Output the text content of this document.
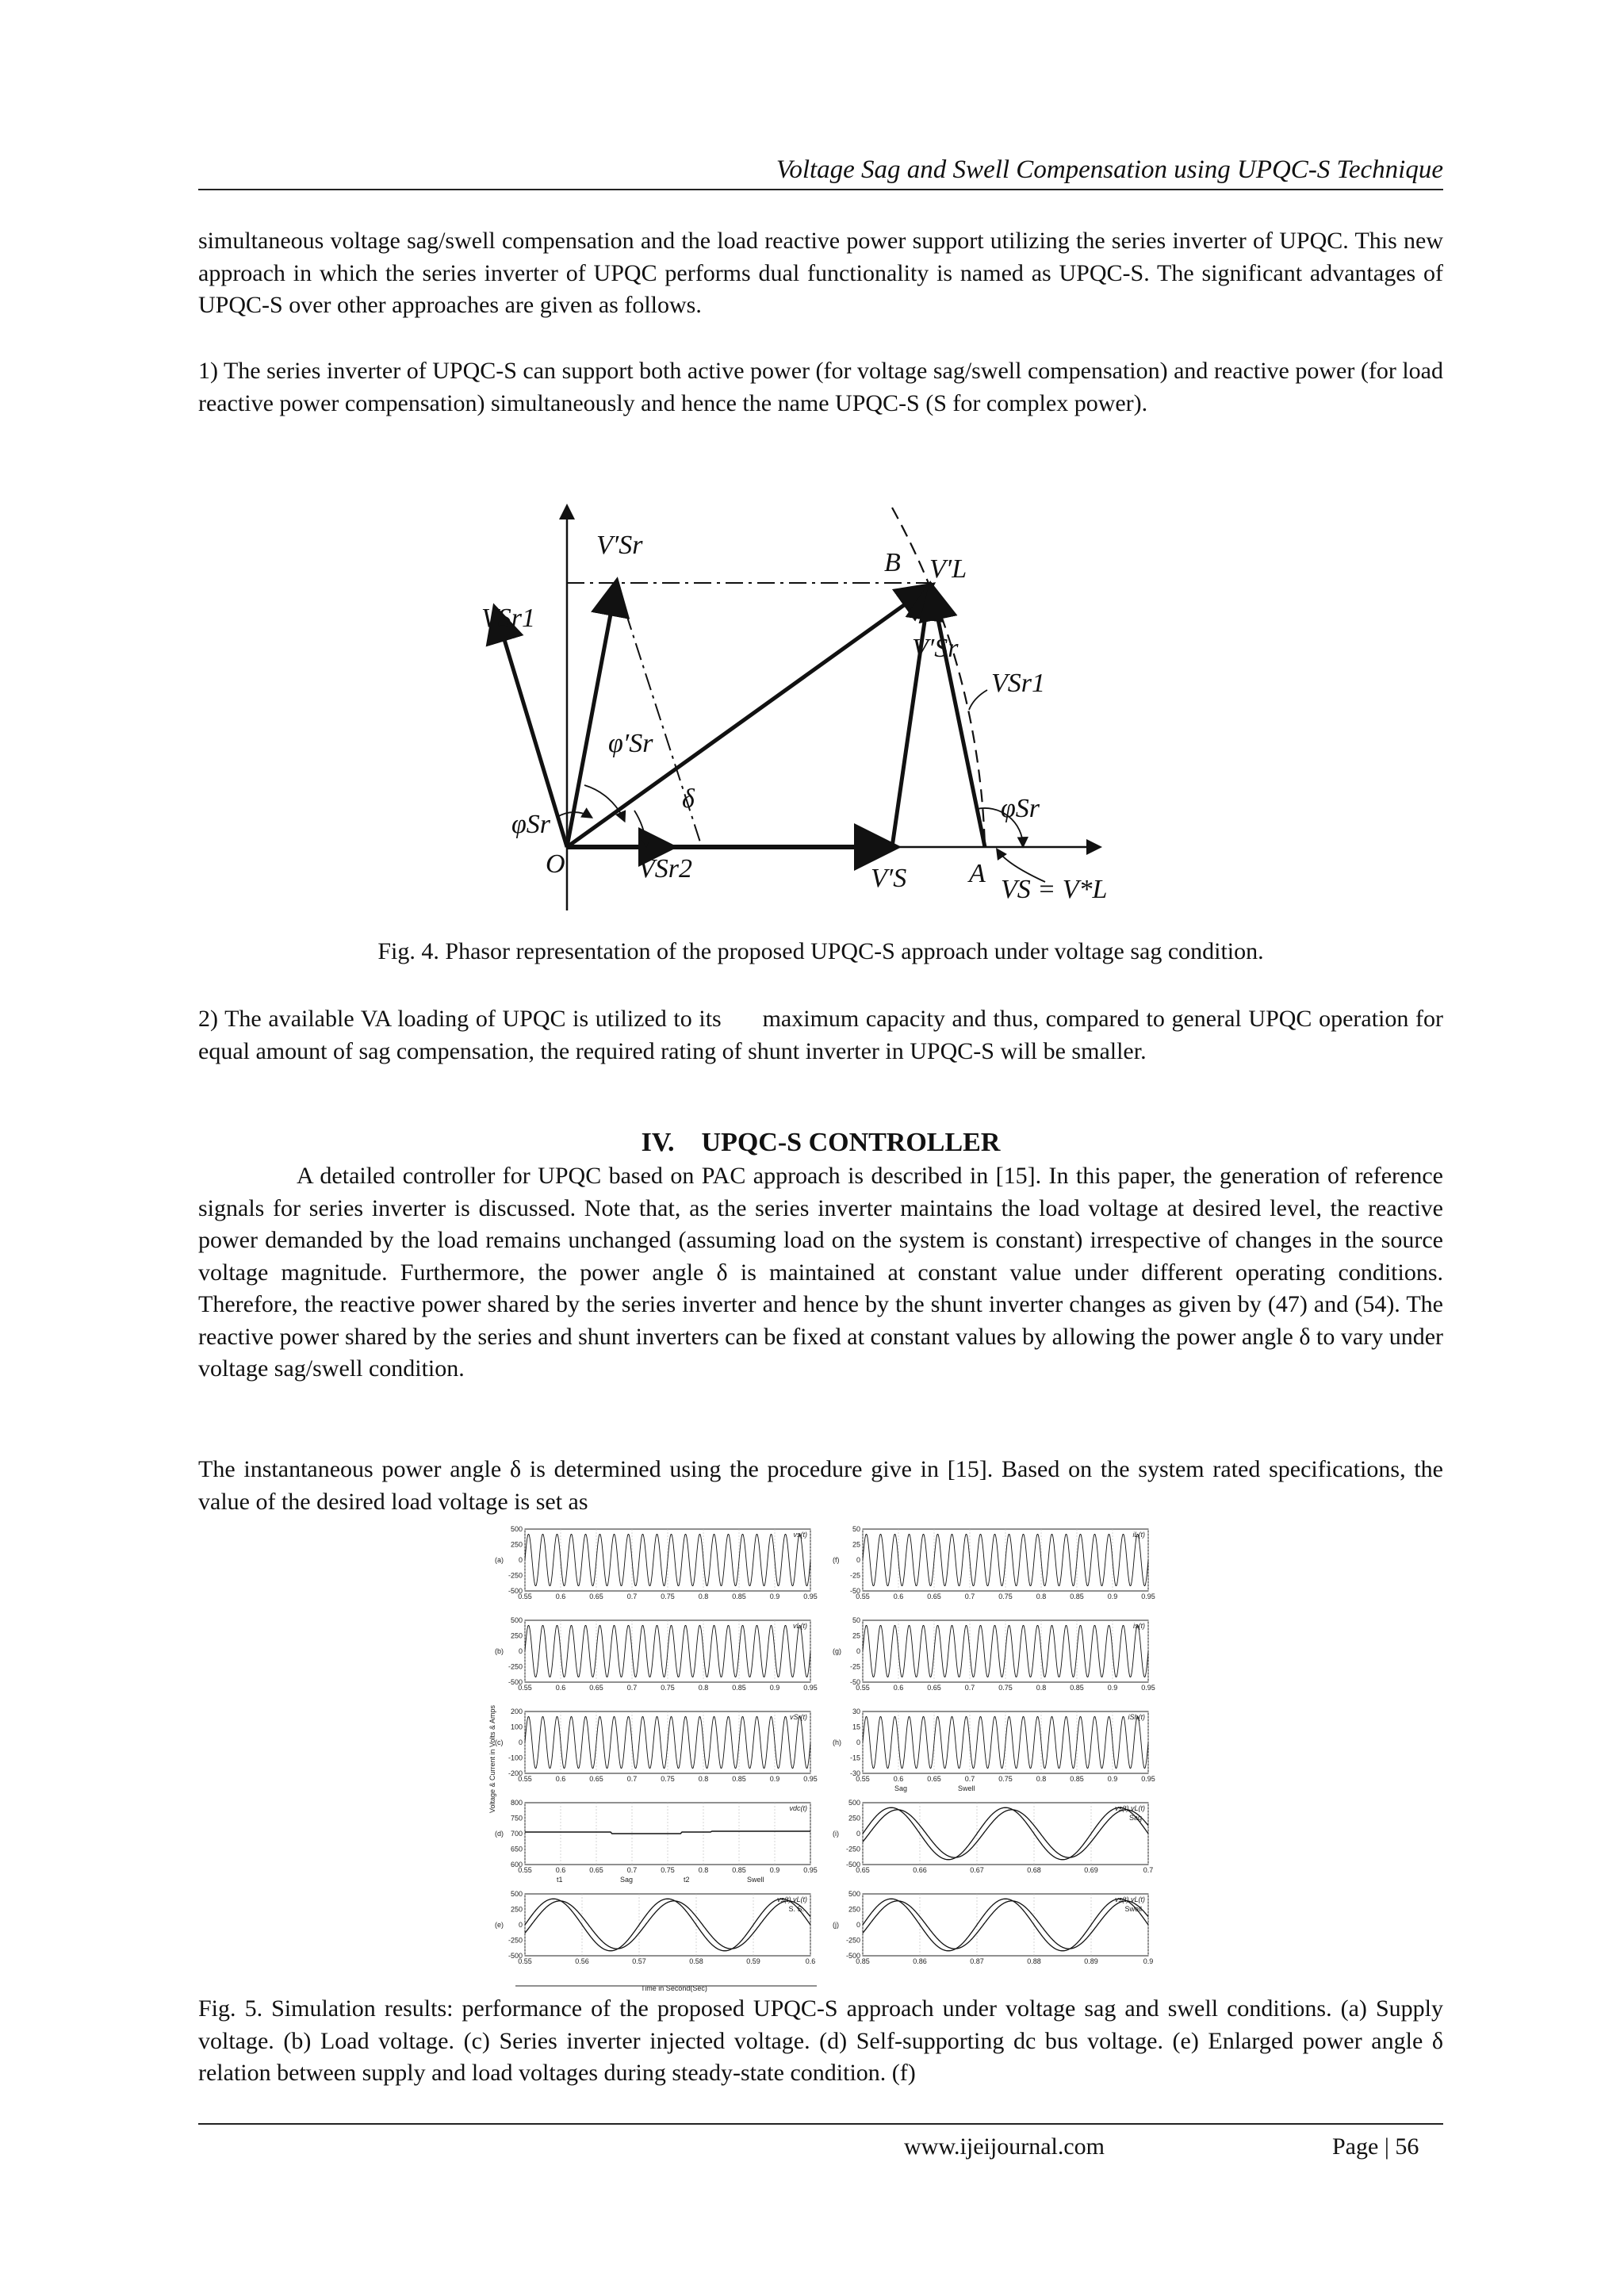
Voltage Sag and Swell Compensation using UPQC-S Technique
simultaneous voltage sag/swell compensation and the load reactive power support utilizing the series inverter of UPQC. This new approach in which the series inverter of UPQC performs dual functionality is named as UPQC-S. The significant advantages of UPQC-S over other approaches are given as follows.
1) The series inverter of UPQC-S can support both active power (for voltage sag/swell compensation) and reactive power (for load reactive power compensation) simultaneously and hence the name UPQC-S (S for complex power).
V′Sr
VSr1
B V′L
V′Sr
VSr1
φ′Sr
δ
φSr
O	VSr2	V′S A
VS = V*L
φSr
Fig. 4. Phasor representation of the proposed UPQC-S approach under voltage sag condition.
2) The available VA loading of UPQC is utilized to its      maximum capacity and thus, compared to general UPQC operation for equal amount of sag compensation, the required rating of shunt inverter in UPQC-S will be smaller.
IV.    UPQC-S CONTROLLER
A detailed controller for UPQC based on PAC approach is described in [15]. In this paper, the generation of reference signals for series inverter is discussed. Note that, as the series inverter maintains the load voltage at desired level, the reactive power demanded by the load remains unchanged (assuming load on the system is constant) irrespective of changes in the source voltage magnitude. Furthermore, the power angle δ is maintained at constant value under different operating conditions. Therefore, the reactive power shared by the series inverter and hence by the shunt inverter changes as given by (47) and (54). The reactive power shared by the series and shunt inverters can be fixed at constant values by allowing the power angle δ to vary under voltage sag/swell condition.
The instantaneous power angle δ is determined using the procedure give in [15]. Based on the system rated specifications, the value of the desired load voltage is set as
Voltage & Current in Volts & Amps
Time in Second(Sec)
(a)
500
250
0
-250
-500
0.55	0.6	0.65	0.7	0.75	0.8	0.85	0.9	0.95
vs(t)
(b)
500
250
0
-250
-500
0.55	0.6	0.65	0.7	0.75	0.8	0.85	0.9	0.95
vL(t)
(c)
200
100
0
-100
-200
0.55	0.6	0.65	0.7	0.75	0.8	0.85	0.9	0.95
vSr(t)
(d)
800
750
700
650
600
0.55	0.6	0.65	0.7	0.75	0.8	0.85	0.9	0.95
vdc(t)
t1	Sag	t2	Swell
(e)
500
250
0
-250
-500
0.55	0.56	0.57	0.58	0.59	0.6
vs(t) vL(t)
S. S.
(f)
50
25
0
-25
-50
0.55	0.6	0.65	0.7	0.75	0.8	0.85	0.9	0.95
iL(t)
(g)
50
25
0
-25
-50
0.55	0.6	0.65	0.7	0.75	0.8	0.85	0.9	0.95
is(t)
(h)
30
15
0
-15
-30
0.55	0.6	0.65	0.7	0.75	0.8	0.85	0.9	0.95
iSh(t)
Sag	Swell
(i)
500
250
0
-250
-500
0.65	0.66	0.67	0.68	0.69	0.7
vs(t) vL(t)
Sag
(j)
500
250
0
-250
-500
0.85	0.86	0.87	0.88	0.89	0.9
vs(t) vL(t)
Swell
Fig. 5. Simulation results: performance of the proposed UPQC-S approach under voltage sag and swell conditions. (a) Supply voltage. (b) Load voltage. (c) Series inverter injected voltage. (d) Self-supporting dc bus voltage. (e) Enlarged power angle δ relation between supply and load voltages during steady-state condition. (f)
www.ijeijournal.com	Page | 56
